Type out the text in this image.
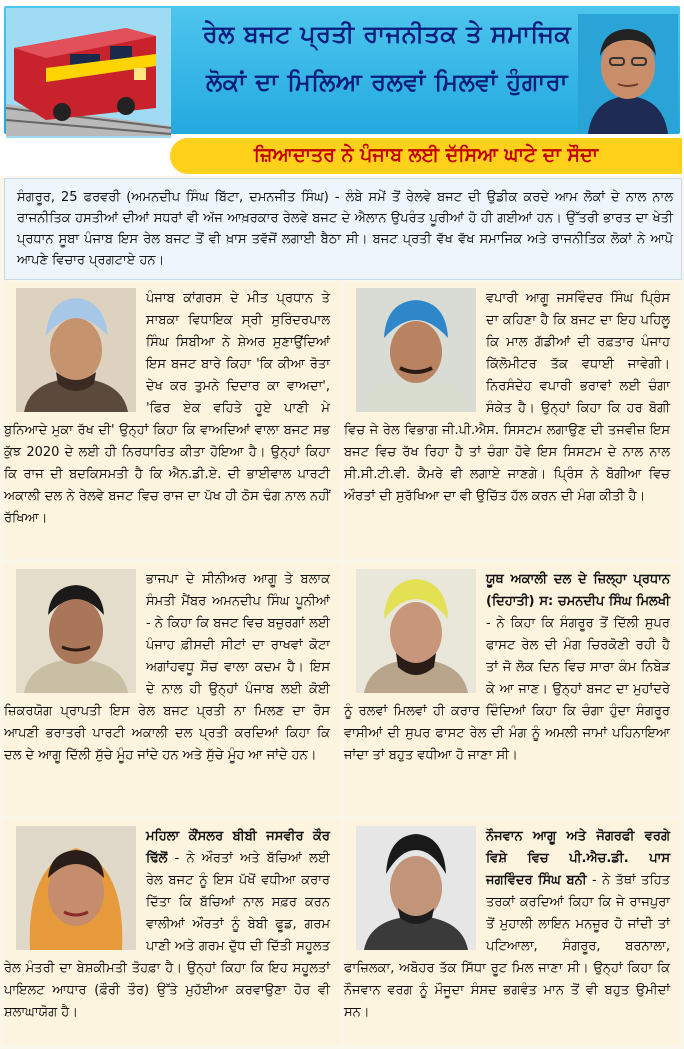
ਰੇਲ ਬਜਟ ਪ੍ਰਤੀ ਰਾਜਨੀਤਕ ਤੇ ਸਮਾਜਿਕ
ਲੋਕਾਂ ਦਾ ਮਿਲਿਆ ਰਲਵਾਂ ਮਿਲਵਾਂ ਹੁੰਗਾਰਾ
ਜ਼ਿਆਦਾਤਰ ਨੇ ਪੰਜਾਬ ਲਈ ਦੱਸਿਆ ਘਾਟੇ ਦਾ ਸੌਦਾ

ਸੰਗਰੂਰ, 25 ਫਰਵਰੀ (ਅਮਨਦੀਪ ਸਿੰਘ ਬਿੱਟਾ, ਦਮਨਜੀਤ ਸਿੰਘ) - ਲੰਬੇ ਸਮੇਂ ਤੋਂ ਰੇਲਵੇ ਬਜਟ ਦੀ ਉਡੀਕ ਕਰਦੇ ਆਮ ਲੋਕਾਂ ਦੇ ਨਾਲ ਨਾਲ ਰਾਜਨੀਤਿਕ ਹਸਤੀਆਂ ਦੀਆਂ ਸਧਰਾਂ ਵੀ ਅੱਜ ਆਖ਼ਰਕਾਰ ਰੇਲਵੇ ਬਜਟ ਦੇ ਐਲਾਨ ਉਪਰੰਤ ਪੂਰੀਆਂ ਹੋ ਹੀ ਗਈਆਂ ਹਨ। ਉੱਤਰੀ ਭਾਰਤ ਦਾ ਖੇਤੀ ਪ੍ਰਧਾਨ ਸੂਬਾ ਪੰਜਾਬ ਇਸ ਰੇਲ ਬਜਟ ਤੋਂ ਵੀ ਖ਼ਾਸ ਤਵੱਜੋਂ ਲਗਾਈ ਬੈਠਾ ਸੀ। ਬਜਟ ਪ੍ਰਤੀ ਵੱਖ ਵੱਖ ਸਮਾਜਿਕ ਅਤੇ ਰਾਜਨੀਤਿਕ ਲੋਕਾਂ ਨੇ ਆਪੋ ਆਪਣੇ ਵਿਚਾਰ ਪ੍ਰਗਟਾਏ ਹਨ।

ਪੰਜਾਬ ਕਾਂਗਰਸ ਦੇ ਮੀਤ ਪ੍ਰਧਾਨ ਤੇ ਸਾਬਕਾ ਵਿਧਾਇਕ ਸ੍ਰੀ ਸੁਰਿੰਦਰਪਾਲ ਸਿੰਘ ਸਿਬੀਆ ਨੇ ਸ਼ੇਅਰ ਸੁਣਾਉਂਦਿਆਂ ਇਸ ਬਜਟ ਬਾਰੇ ਕਿਹਾ 'ਕਿ ਕੀਆ ਰੋਤਾ ਦੇਖ ਕਰ ਤੁਮਨੇ ਦਿਦਾਰ ਕਾ ਵਾਅਦਾ', 'ਫਿਰ ਏਕ ਵਹਿਤੇ ਹੂਏ ਪਾਣੀ ਮੇ ਬੁਨਿਆਦੇ ਮੁਕਾ ਰੱਖ ਦੀ' ਉਨ੍ਹਾਂ ਕਿਹਾ ਕਿ ਵਾਅਦਿਆਂ ਵਾਲਾ ਬਜਟ ਸਭ ਕੁੱਝ 2020 ਦੇ ਲਈ ਹੀ ਨਿਰਧਾਰਿਤ ਕੀਤਾ ਹੋਇਆ ਹੈ। ਉਨ੍ਹਾਂ ਕਿਹਾ ਕਿ ਰਾਜ ਦੀ ਬਦਕਿਸਮਤੀ ਹੈ ਕਿ ਐਨ.ਡੀ.ਏ. ਦੀ ਭਾਈਵਾਲ ਪਾਰਟੀ ਅਕਾਲੀ ਦਲ ਨੇ ਰੇਲਵੇ ਬਜਟ ਵਿਚ ਰਾਜ ਦਾ ਪੱਖ ਹੀ ਠੋਸ ਢੰਗ ਨਾਲ ਨਹੀਂ ਰੱਖਿਆ।

ਵਪਾਰੀ ਆਗੂ ਜਸਵਿੰਦਰ ਸਿੰਘ ਪ੍ਰਿੰਸ ਦਾ ਕਹਿਣਾ ਹੈ ਕਿ ਬਜਟ ਦਾ ਇਹ ਪਹਿਲੂ ਕਿ ਮਾਲ ਗੱਡੀਆਂ ਦੀ ਰਫ਼ਤਾਰ ਪੰਜਾਹ ਕਿੱਲੋਮੀਟਰ ਤੱਕ ਵਧਾਈ ਜਾਵੇਗੀ। ਨਿਰਸੰਦੇਹ ਵਪਾਰੀ ਭਰਾਵਾਂ ਲਈ ਚੰਗਾ ਸੰਕੇਤ ਹੈ। ਉਨ੍ਹਾਂ ਕਿਹਾ ਕਿ ਹਰ ਬੋਗੀ ਵਿਚ ਜੇ ਰੇਲ ਵਿਭਾਗ ਜੀ.ਪੀ.ਐਸ. ਸਿਸਟਮ ਲਗਾਉਣ ਦੀ ਤਜਵੀਜ਼ ਇਸ ਬਜਟ ਵਿਚ ਰੱਖ ਰਿਹਾ ਹੈ ਤਾਂ ਚੰਗਾ ਹੋਵੇ ਇਸ ਸਿਸਟਮ ਦੇ ਨਾਲ ਨਾਲ ਸੀ.ਸੀ.ਟੀ.ਵੀ. ਕੈਮਰੇ ਵੀ ਲਗਾਏ ਜਾਣਗੇ। ਪ੍ਰਿੰਸ ਨੇ ਬੋਗੀਆ ਵਿਚ ਔਰਤਾਂ ਦੀ ਸੁਰੱਖਿਆ ਦਾ ਵੀ ਉਚਿੱਤ ਹੱਲ ਕਰਨ ਦੀ ਮੰਗ ਕੀਤੀ ਹੈ।

ਭਾਜਪਾ ਦੇ ਸੀਨੀਅਰ ਆਗੂ ਤੇ ਬਲਾਕ ਸੰਮਤੀ ਮੈਂਬਰ ਅਮਨਦੀਪ ਸਿੰਘ ਪੂਨੀਆਂ - ਨੇ ਕਿਹਾ ਕਿ ਬਜਟ ਵਿਚ ਬਜ਼ੁਰਗਾਂ ਲਈ ਪੰਜਾਹ ਫ਼ੀਸਦੀ ਸੀਟਾਂ ਦਾ ਰਾਖਵਾਂ ਕੋਟਾ ਅਗਾਂਹਵਧੂ ਸੋਚ ਵਾਲਾ ਕਦਮ ਹੈ। ਇਸ ਦੇ ਨਾਲ ਹੀ ਉਨ੍ਹਾਂ ਪੰਜਾਬ ਲਈ ਕੋਈ ਜ਼ਿਕਰਯੋਗ ਪ੍ਰਾਪਤੀ ਇਸ ਰੇਲ ਬਜਟ ਪ੍ਰਤੀ ਨਾ ਮਿਲਣ ਦਾ ਰੋਸ ਆਪਣੀ ਭਰਾਤਰੀ ਪਾਰਟੀ ਅਕਾਲੀ ਦਲ ਪ੍ਰਤੀ ਕਰਦਿਆਂ ਕਿਹਾ ਕਿ ਦਲ ਦੇ ਆਗੂ ਦਿੱਲੀ ਸੁੱਚੇ ਮੂੰਹ ਜਾਂਦੇ ਹਨ ਅਤੇ ਸੁੱਚੇ ਮੂੰਹ ਆ ਜਾਂਦੇ ਹਨ।

ਯੂਥ ਅਕਾਲੀ ਦਲ ਦੇ ਜ਼ਿਲ੍ਹਾ ਪ੍ਰਧਾਨ (ਦਿਹਾਤੀ) ਸ: ਚਮਨਦੀਪ ਸਿੰਘ ਮਿਲਖੀ - ਨੇ ਕਿਹਾ ਕਿ ਸੰਗਰੂਰ ਤੋਂ ਦਿੱਲੀ ਸੁਪਰ ਫਾਸਟ ਰੇਲ ਦੀ ਮੰਗ ਚਿਰਕੋਣੀ ਰਹੀ ਹੈ ਤਾਂ ਜੋ ਲੋਕ ਦਿਨ ਵਿਚ ਸਾਰਾ ਕੰਮ ਨਿਬੇੜ ਕੇ ਆ ਜਾਣ। ਉਨ੍ਹਾਂ ਬਜਟ ਦਾ ਮੁਹਾਂਦਰੇ ਨੂੰ ਰਲਵਾਂ ਮਿਲਵਾਂ ਹੀ ਕਰਾਰ ਦਿੰਦਿਆਂ ਕਿਹਾ ਕਿ ਚੰਗਾ ਹੁੰਦਾ ਸੰਗਰੂਰ ਵਾਸੀਆਂ ਦੀ ਸੁਪਰ ਫਾਸਟ ਰੇਲ ਦੀ ਮੰਗ ਨੂੰ ਅਮਲੀ ਜਾਮਾਂ ਪਹਿਨਾਇਆ ਜਾਂਦਾ ਤਾਂ ਬਹੁਤ ਵਧੀਆ ਹੋ ਜਾਣਾ ਸੀ।

ਮਹਿਲਾ ਕੌਂਸਲਰ ਬੀਬੀ ਜਸਵੀਰ ਕੌਰ ਢਿੱਲੋਂ - ਨੇ ਔਰਤਾਂ ਅਤੇ ਬੱਚਿਆਂ ਲਈ ਰੇਲ ਬਜਟ ਨੂੰ ਇਸ ਪੱਖੋਂ ਵਧੀਆ ਕਰਾਰ ਦਿੱਤਾ ਕਿ ਬੱਚਿਆਂ ਨਾਲ ਸਫ਼ਰ ਕਰਨ ਵਾਲੀਆਂ ਔਰਤਾਂ ਨੂੰ ਬੇਬੀ ਫੂਡ, ਗਰਮ ਪਾਣੀ ਅਤੇ ਗਰਮ ਦੁੱਧ ਦੀ ਦਿੱਤੀ ਸਹੂਲਤ ਰੇਲ ਮੰਤਰੀ ਦਾ ਬੇਸ਼ਕੀਮਤੀ ਤੋਹਫ਼ਾ ਹੈ। ਉਨ੍ਹਾਂ ਕਿਹਾ ਕਿ ਇਹ ਸਹੂਲਤਾਂ ਪਾਇਲਟ ਆਧਾਰ (ਫ਼ੌਰੀ ਤੌਰ) ਉੱਤੇ ਮੁਹੱਈਆ ਕਰਵਾਉਣਾ ਹੋਰ ਵੀ ਸ਼ਲਾਘਾਯੋਗ ਹੈ।

ਨੌਜਵਾਨ ਆਗੂ ਅਤੇ ਜੋਗਰਫੀ ਵਰਗੇ ਵਿਸ਼ੇ ਵਿਚ ਪੀ.ਐਚ.ਡੀ. ਪਾਸ ਜਗਵਿੰਦਰ ਸਿੰਘ ਬਨੀ - ਨੇ ਤੱਥਾਂ ਤਹਿਤ ਤਰਕਾਂ ਕਰਦਿਆਂ ਕਿਹਾ ਕਿ ਜੇ ਰਾਜਪੁਰਾ ਤੋਂ ਮੁਹਾਲੀ ਲਾਇਨ ਮਨਜ਼ੂਰ ਹੋ ਜਾਂਦੀ ਤਾਂ ਪਟਿਆਲਾ, ਸੰਗਰੂਰ, ਬਰਨਾਲਾ, ਫਾਜ਼ਿਲਕਾ, ਅਬੋਹਰ ਤੱਕ ਸਿੱਧਾ ਰੂਟ ਮਿਲ ਜਾਣਾ ਸੀ। ਉਨ੍ਹਾਂ ਕਿਹਾ ਕਿ ਨੌਜਵਾਨ ਵਰਗ ਨੂੰ ਮੌਜੂਦਾ ਸੰਸਦ ਭਗਵੰਤ ਮਾਨ ਤੋਂ ਵੀ ਬਹੁਤ ਉਮੀਦਾਂ ਸਨ।
